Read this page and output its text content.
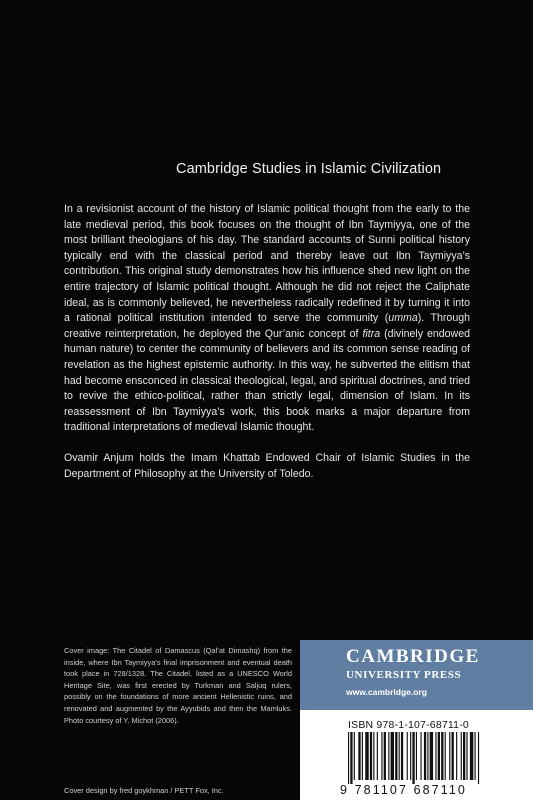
Cambridge Studies in Islamic Civilization

In a revisionist account of the history of Islamic political thought from the early to the late medieval period, this book focuses on the thought of Ibn Taymiyya, one of the most brilliant theologians of his day. The standard accounts of Sunni political history typically end with the classical period and thereby leave out Ibn Taymiyya’s contribution. This original study demonstrates how his influence shed new light on the entire trajectory of Islamic political thought. Although he did not reject the Caliphate ideal, as is commonly believed, he nevertheless radically redefined it by turning it into a rational political institution intended to serve the community (umma). Through creative reinterpretation, he deployed the Qur’anic concept of fitra (divinely endowed human nature) to center the community of believers and its common sense reading of revelation as the highest epistemic authority. In this way, he subverted the elitism that had become ensconced in classical theological, legal, and spiritual doctrines, and tried to revive the ethico-political, rather than strictly legal, dimension of Islam. In its reassessment of Ibn Taymiyya’s work, this book marks a major departure from traditional interpretations of medieval Islamic thought.

Ovamir Anjum holds the Imam Khattab Endowed Chair of Islamic Studies in the Department of Philosophy at the University of Toledo.

Cover image: The Citadel of Damascus (Qal’at Dimashq) from the inside, where Ibn Taymiyya’s final imprisonment and eventual death took place in 728/1328. The Citadel, listed as a UNESCO World Heritage Site, was first erected by Turkman and Saljuq rulers, possibly on the foundations of more ancient Hellenistic ruins, and renovated and augmented by the Ayyubids and then the Mamluks. Photo courtesy of Y. Michot (2006).
Cover design by fred goykhman / PETT Fox, Inc.
CAMBRIDGE
UNIVERSITY PRESS
www.cambridge.org
ISBN 978-1-107-68711-0
9 781107 687110
